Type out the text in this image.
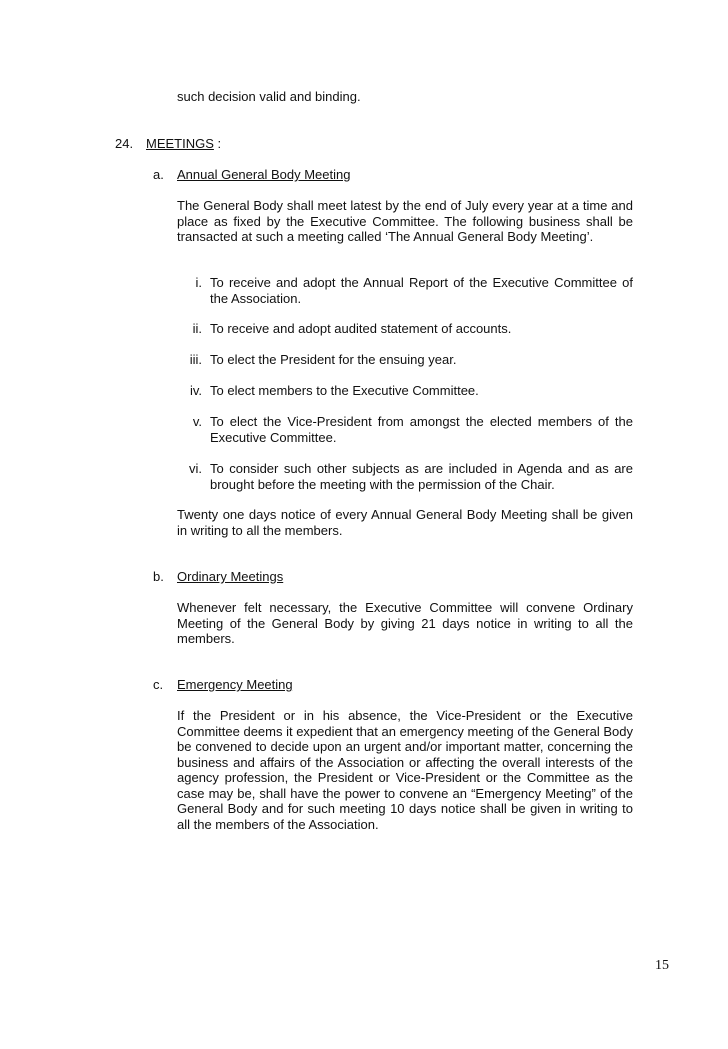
such decision valid and binding.
24. MEETINGS :
a. Annual General Body Meeting
The General Body shall meet latest by the end of July every year at a time and place as fixed by the Executive Committee. The following business shall be transacted at such a meeting called ‘The Annual General Body Meeting’.
i. To receive and adopt the Annual Report of the Executive Committee of the Association.
ii. To receive and adopt audited statement of accounts.
iii. To elect the President for the ensuing year.
iv. To elect members to the Executive Committee.
v. To elect the Vice-President from amongst the elected members of the Executive Committee.
vi. To consider such other subjects as are included in Agenda and as are brought before the meeting with the permission of the Chair.
Twenty one days notice of every Annual General Body Meeting shall be given in writing to all the members.
b. Ordinary Meetings
Whenever felt necessary, the Executive Committee will convene Ordinary Meeting of the General Body by giving 21 days notice in writing to all the members.
c. Emergency Meeting
If the President or in his absence, the Vice-President or the Executive Committee deems it expedient that an emergency meeting of the General Body be convened to decide upon an urgent and/or important matter, concerning the business and affairs of the Association or affecting the overall interests of the agency profession, the President or Vice-President or the Committee as the case may be, shall have the power to convene an “Emergency Meeting” of the General Body and for such meeting 10 days notice shall be given in writing to all the members of the Association.
15
